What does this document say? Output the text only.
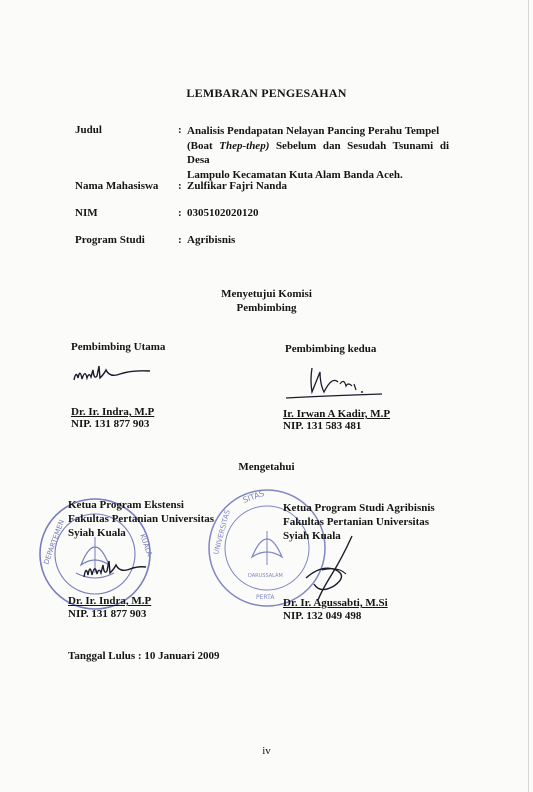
LEMBARAN PENGESAHAN
Judul	: Analisis Pendapatan Nelayan Pancing Perahu Tempel
(Boat Thep-thep) Sebelum dan Sesudah Tsunami di Desa
Lampulo Kecamatan Kuta Alam Banda Aceh.
Nama Mahasiswa : Zulfikar Fajri Nanda
NIM	: 0305102020120
Program Studi	: Agribisnis
Menyetujui Komisi
Pembimbing
Pembimbing Utama
Dr. Ir. Indra, M.P
NIP. 131 877 903
Pembimbing kedua
Ir. Irwan A Kadir, M.P
NIP. 131 583 481
Mengetahui
DEPARTEMEN	KUALA
SITAS
UNIVERSITAS
DARUSSALAM
PERTA
Ketua Program Ekstensi
Fakultas Pertanian Universitas
Syiah Kuala
Dr. Ir. Indra, M.P
NIP. 131 877 903
Ketua Program Studi Agribisnis
Fakultas Pertanian Universitas
Syiah Kuala
Dr. Ir. Agussabti, M.Si
NIP. 132 049 498
Tanggal Lulus : 10 Januari 2009
iv
